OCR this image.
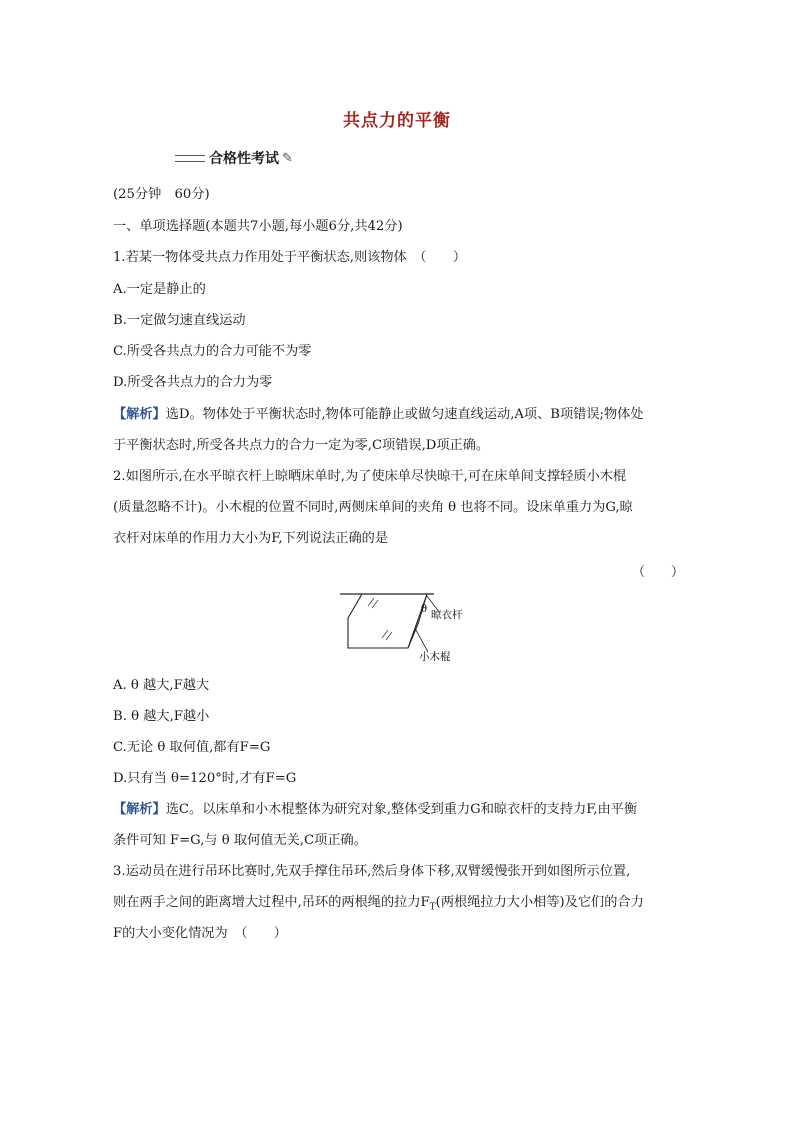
共点力的平衡
合格性考试 ✎
(25分钟　60分)
一、单项选择题(本题共7小题,每小题6分,共42分)
1.若某一物体受共点力作用处于平衡状态,则该物体　（　　）
A.一定是静止的
B.一定做匀速直线运动
C.所受各共点力的合力可能不为零
D.所受各共点力的合力为零
【解析】选D。物体处于平衡状态时,物体可能静止或做匀速直线运动,A项、B项错误;物体处
于平衡状态时,所受各共点力的合力一定为零,C项错误,D项正确。
2.如图所示,在水平晾衣杆上晾晒床单时,为了使床单尽快晾干,可在床单间支撑轻质小木棍
(质量忽略不计)。小木棍的位置不同时,两侧床单间的夹角 θ 也将不同。设床单重力为G,晾
衣杆对床单的作用力大小为F,下列说法正确的是
（　　）
θ 晾衣杆
小木棍
A. θ 越大,F越大
B. θ 越大,F越小
C.无论 θ 取何值,都有F=G
D.只有当 θ=120°时,才有F=G
【解析】选C。以床单和小木棍整体为研究对象,整体受到重力G和晾衣杆的支持力F,由平衡
条件可知 F=G,与 θ 取何值无关,C项正确。
3.运动员在进行吊环比赛时,先双手撑住吊环,然后身体下移,双臂缓慢张开到如图所示位置,
则在两手之间的距离增大过程中,吊环的两根绳的拉力$F_T$(两根绳拉力大小相等)及它们的合力
F的大小变化情况为　（　　）
